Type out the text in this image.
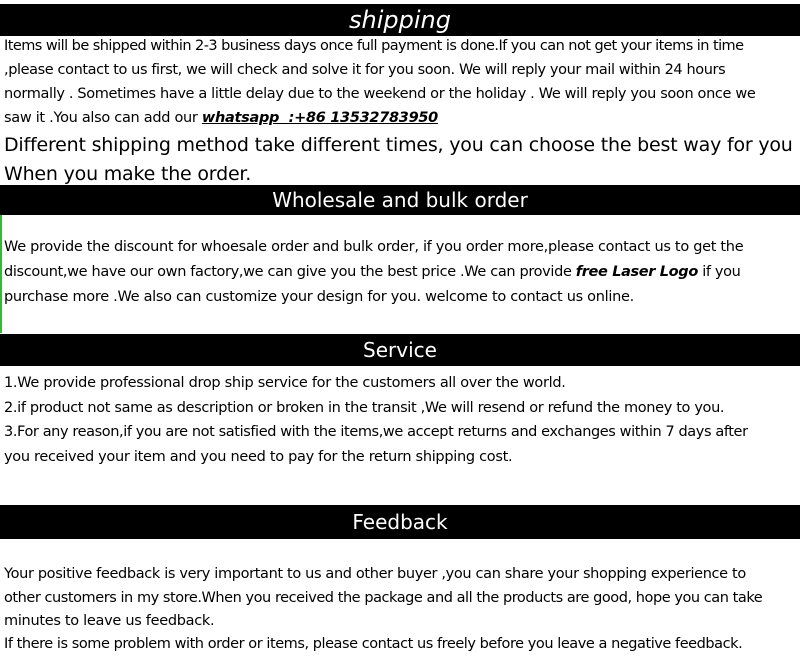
shipping
Items will be shipped within 2-3 business days once full payment is done.If you can not get your items in time
,please contact to us first, we will check and solve it for you soon. We will reply your mail within 24 hours
normally . Sometimes have a little delay due to the weekend or the holiday . We will reply you soon once we
saw it .You also can add our whatsapp  :+86 13532783950
Different shipping method take different times, you can choose the best way for you
When you make the order.
Wholesale and bulk order
We provide the discount for whoesale order and bulk order, if you order more,please contact us to get the
discount,we have our own factory,we can give you the best price .We can provide free Laser Logo if you
purchase more .We also can customize your design for you. welcome to contact us online.
Service
1.We provide professional drop ship service for the customers all over the world.
2.if product not same as description or broken in the transit ,We will resend or refund the money to you.
3.For any reason,if you are not satisfied with the items,we accept returns and exchanges within 7 days after
you received your item and you need to pay for the return shipping cost.
Feedback
Your positive feedback is very important to us and other buyer ,you can share your shopping experience to
other customers in my store.When you received the package and all the products are good, hope you can take
minutes to leave us feedback.
If there is some problem with order or items, please contact us freely before you leave a negative feedback.
